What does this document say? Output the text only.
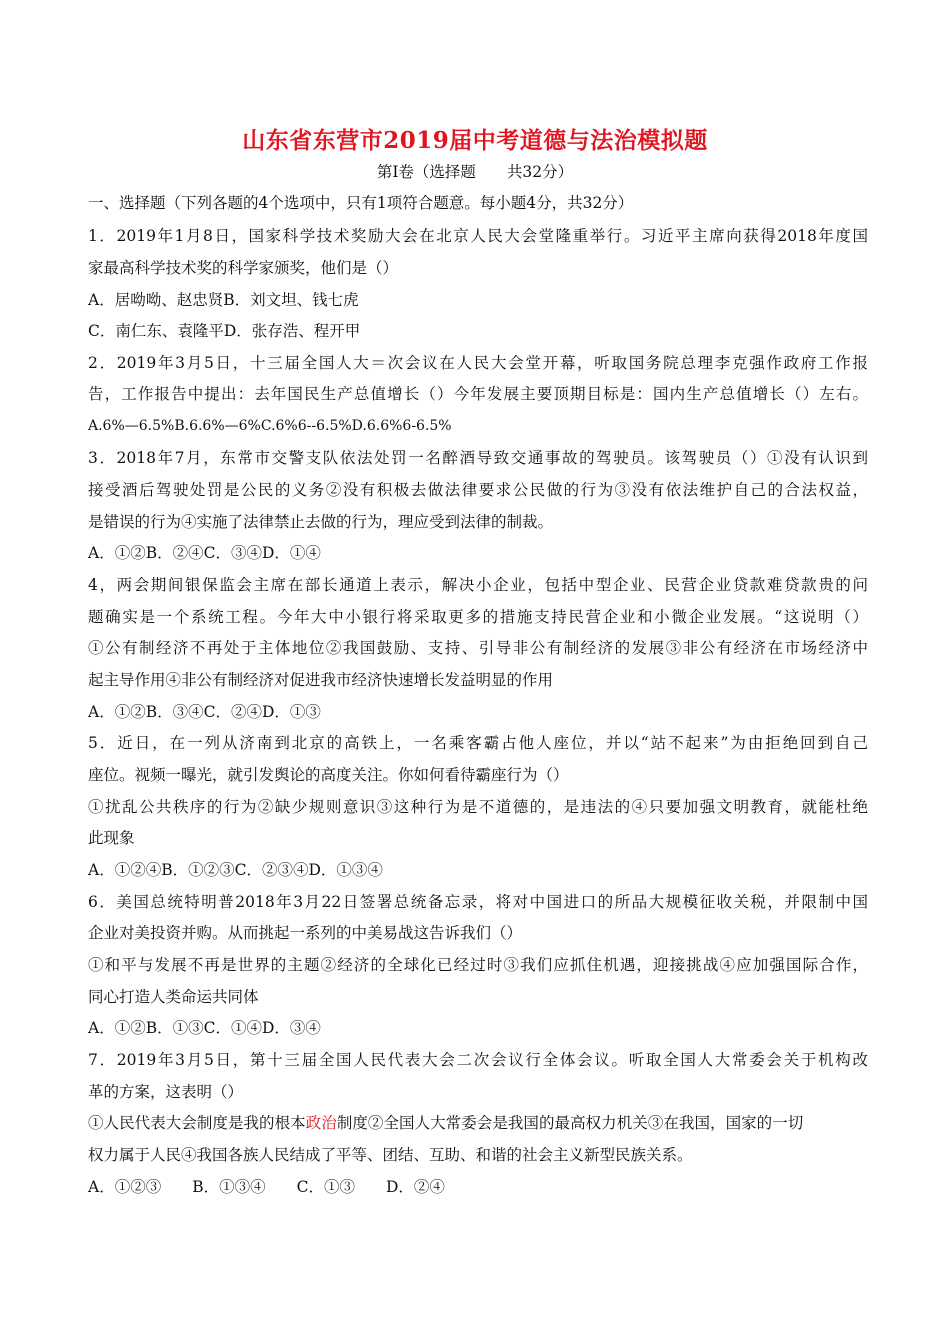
山东省东营市2019届中考道德与法治模拟题
第Ⅰ卷（选择题　　共32分）
一、选择题（下列各题的4个选项中，只有1项符合题意。每小题4分，共32分）
1．2019年1月8日，国家科学技术奖励大会在北京人民大会堂隆重举行。习近平主席向获得2018年度国
家最高科学技术奖的科学家颁奖，他们是（）
A．居呦呦、赵忠贤B．刘文坦、钱七虎
C．南仁东、袁隆平D．张存浩、程开甲
2．2019年3月5日，十三届全国人大＝次会议在人民大会堂开幕，听取国务院总理李克强作政府工作报
告，工作报告中提出：去年国民生产总值增长（）今年发展主要顶期目标是：国内生产总值增长（）左右。
A.6%—6.5%B.6.6%—6%C.6%6--6.5%D.6.6%6-6.5%
3．2018年7月，东常市交警支队依法处罚一名醉酒导致交通事故的驾驶员。该驾驶员（）①没有认识到
接受酒后驾驶处罚是公民的义务②没有积极去做法律要求公民做的行为③没有依法维护自己的合法权益，
是错误的行为④实施了法律禁止去做的行为，理应受到法律的制裁。
A．①②B．②④C．③④D．①④
4，两会期间银保监会主席在部长通道上表示，解决小企业，包括中型企业、民营企业贷款难贷款贵的问
题确实是一个系统工程。今年大中小银行将采取更多的措施支持民营企业和小微企业发展。“这说明（）
①公有制经济不再处于主体地位②我国鼓励、支持、引导非公有制经济的发展③非公有经济在市场经济中
起主导作用④非公有制经济对促进我市经济快速增长发益明显的作用
A．①②B．③④C．②④D．①③
5．近日，在一列从济南到北京的高铁上，一名乘客霸占他人座位，并以“站不起来”为由拒绝回到自己
座位。视频一曝光，就引发舆论的高度关注。你如何看待霸座行为（）
①扰乱公共秩序的行为②缺少规则意识③这种行为是不道德的，是违法的④只要加强文明教育，就能杜绝
此现象
A．①②④B．①②③C．②③④D．①③④
6．美国总统特明普2018年3月22日签署总统备忘录，将对中国进口的所品大规模征收关税，并限制中国
企业对美投资并购。从而挑起一系列的中美易战这告诉我们（）
①和平与发展不再是世界的主题②经济的全球化已经过时③我们应抓住机遇，迎接挑战④应加强国际合作，
同心打造人类命运共同体
A．①②B．①③C．①④D．③④
7．2019年3月5日，第十三届全国人民代表大会二次会议行全体会议。听取全国人大常委会关于机构改
革的方案，这表明（）
①人民代表大会制度是我的根本政治制度②全国人大常委会是我国的最高权力机关③在我国，国家的一切
权力属于人民④我国各族人民结成了平等、团结、互助、和谐的社会主义新型民族关系。
A．①②③　　B．①③④　　C．①③　　D．②④
